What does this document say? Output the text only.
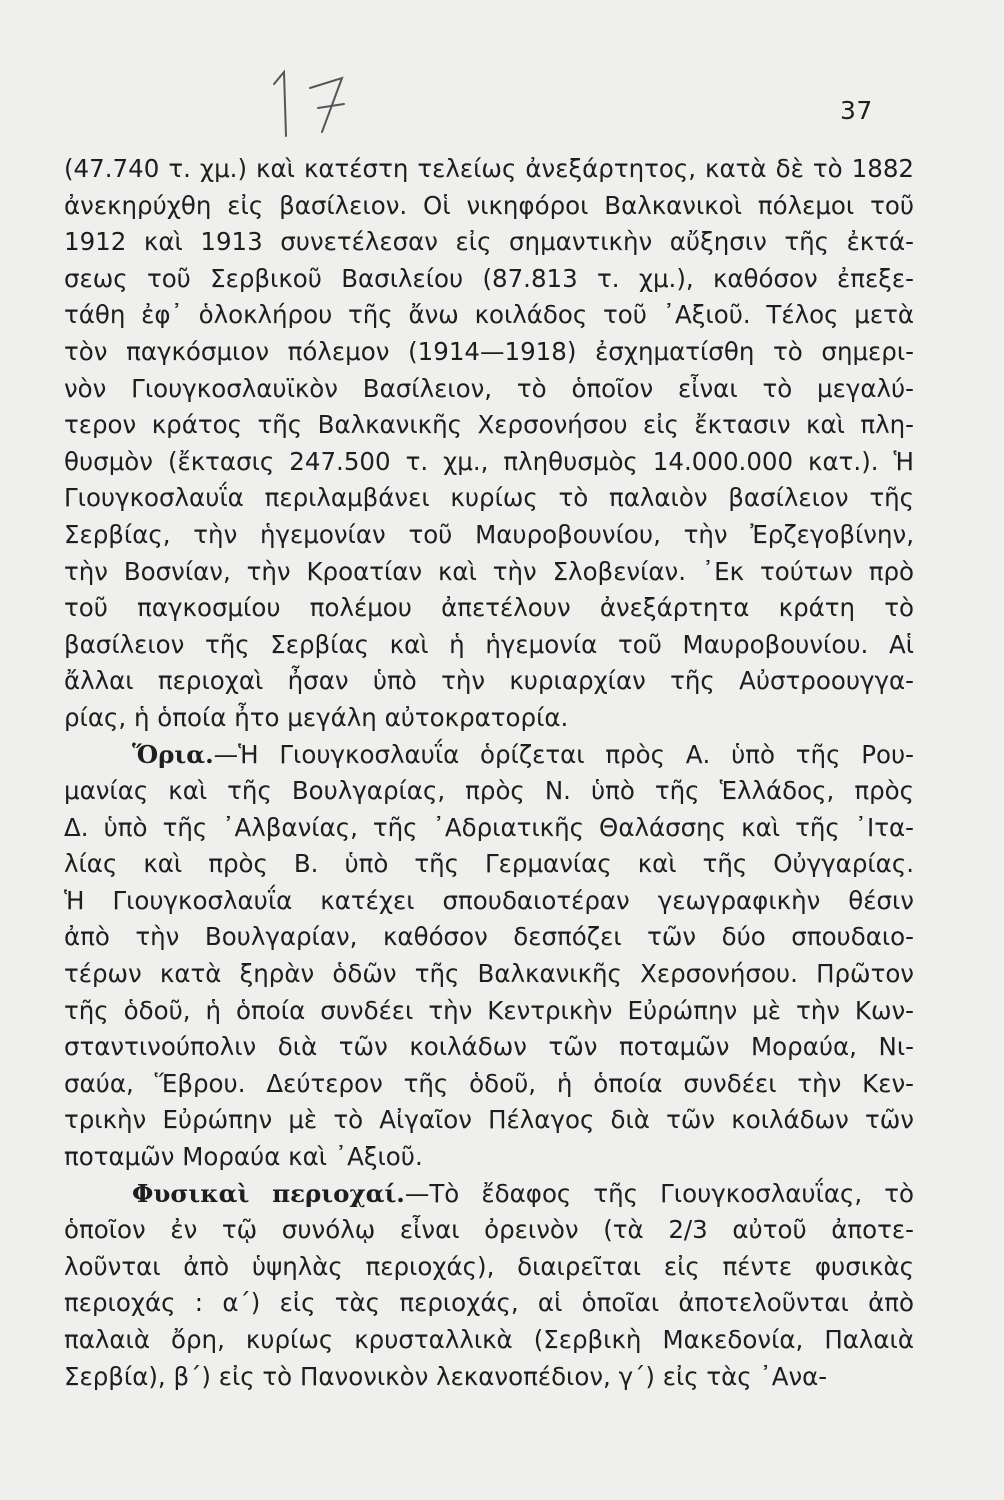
37
(47.740 τ. χμ.) καὶ κατέστη τελείως ἀνεξάρτητος, κατὰ δὲ τὸ 1882
ἀνεκηρύχθη εἰς βασίλειον. Οἱ νικηφόροι Βαλκανικοὶ πόλεμοι τοῦ
1912 καὶ 1913 συνετέλεσαν εἰς σημαντικὴν αὔξησιν τῆς ἐκτά-
σεως τοῦ Σερβικοῦ Βασιλείου (87.813 τ. χμ.), καθόσον ἐπεξε-
τάθη ἐφ᾽ ὁλοκλήρου τῆς ἄνω κοιλάδος τοῦ ᾽Αξιοῦ. Τέλος μετὰ
τὸν παγκόσμιον πόλεμον (1914—1918) ἐσχηματίσθη τὸ σημερι-
νὸν Γιουγκοσλαυϊκὸν Βασίλειον, τὸ ὁποῖον εἶναι τὸ μεγαλύ-
τερον κράτος τῆς Βαλκανικῆς Χερσονήσου εἰς ἔκτασιν καὶ πλη-
θυσμὸν (ἔκτασις 247.500 τ. χμ., πληθυσμὸς 14.000.000 κατ.). Ἡ
Γιουγκοσλαυΐα περιλαμβάνει κυρίως τὸ παλαιὸν βασίλειον τῆς
Σερβίας, τὴν ἡγεμονίαν τοῦ Μαυροβουνίου, τὴν Ἐρζεγοβίνην,
τὴν Βοσνίαν, τὴν Κροατίαν καὶ τὴν Σλοβενίαν. ᾽Εκ τούτων πρὸ
τοῦ παγκοσμίου πολέμου ἀπετέλουν ἀνεξάρτητα κράτη τὸ
βασίλειον τῆς Σερβίας καὶ ἡ ἡγεμονία τοῦ Μαυροβουνίου. Αἱ
ἄλλαι περιοχαὶ ἦσαν ὑπὸ τὴν κυριαρχίαν τῆς Αὐστροουγγα-
ρίας, ἡ ὁποία ἦτο μεγάλη αὐτοκρατορία.
Ὅρια.—Ἡ Γιουγκοσλαυΐα ὁρίζεται πρὸς Α. ὑπὸ τῆς Ρου-
μανίας καὶ τῆς Βουλγαρίας, πρὸς Ν. ὑπὸ τῆς Ἑλλάδος, πρὸς
Δ. ὑπὸ τῆς ᾽Αλβανίας, τῆς ᾽Αδριατικῆς Θαλάσσης καὶ τῆς ᾽Ιτα-
λίας καὶ πρὸς Β. ὑπὸ τῆς Γερμανίας καὶ τῆς Οὐγγαρίας.
Ἡ Γιουγκοσλαυΐα κατέχει σπουδαιοτέραν γεωγραφικὴν θέσιν
ἀπὸ τὴν Βουλγαρίαν, καθόσον δεσπόζει τῶν δύο σπουδαιο-
τέρων κατὰ ξηρὰν ὁδῶν τῆς Βαλκανικῆς Χερσονήσου. Πρῶτον
τῆς ὁδοῦ, ἡ ὁποία συνδέει τὴν Κεντρικὴν Εὐρώπην μὲ τὴν Κων-
σταντινούπολιν διὰ τῶν κοιλάδων τῶν ποταμῶν Μοραύα, Νι-
σαύα, Ἕβρου. Δεύτερον τῆς ὁδοῦ, ἡ ὁποία συνδέει τὴν Κεν-
τρικὴν Εὐρώπην μὲ τὸ Αἰγαῖον Πέλαγος διὰ τῶν κοιλάδων τῶν
ποταμῶν Μοραύα καὶ ᾽Αξιοῦ.
Φυσικαὶ περιοχαί.—Τὸ ἔδαφος τῆς Γιουγκοσλαυΐας, τὸ
ὁποῖον ἐν τῷ συνόλῳ εἶναι ὀρεινὸν (τὰ 2/3 αὐτοῦ ἀποτε-
λοῦνται ἀπὸ ὑψηλὰς περιοχάς), διαιρεῖται εἰς πέντε φυσικὰς
περιοχάς : α΄) εἰς τὰς περιοχάς, αἱ ὁποῖαι ἀποτελοῦνται ἀπὸ
παλαιὰ ὄρη, κυρίως κρυσταλλικὰ (Σερβικὴ Μακεδονία, Παλαιὰ
Σερβία), β΄) εἰς τὸ Πανονικὸν λεκανοπέδιον, γ΄) εἰς τὰς ᾽Ανα-
